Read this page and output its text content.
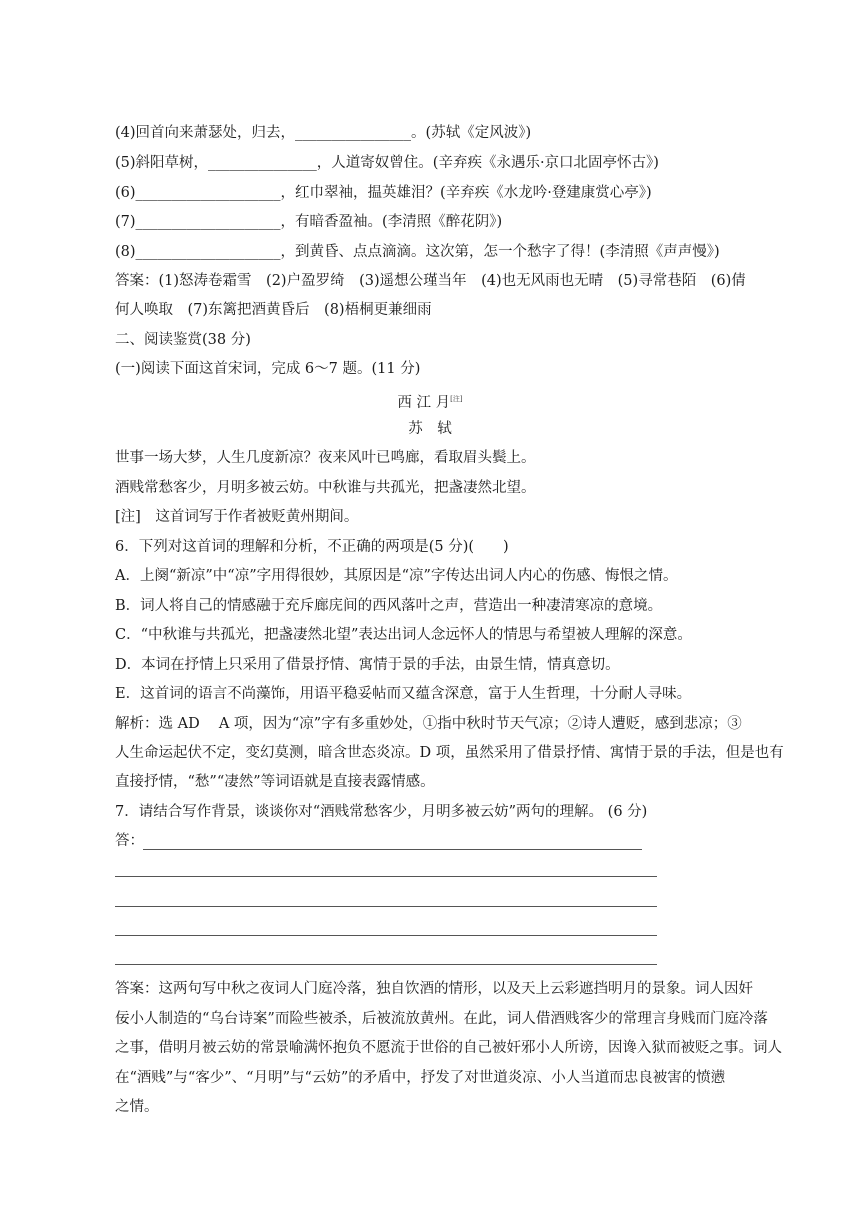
(4)回首向来萧瑟处，归去，________________。(苏轼《定风波》)
(5)斜阳草树，_______________，人道寄奴曾住。(辛弃疾《永遇乐·京口北固亭怀古》)
(6)____________________，红巾翠袖，揾英雄泪？(辛弃疾《水龙吟·登建康赏心亭》)
(7)____________________，有暗香盈袖。(李清照《醉花阴》)
(8)____________________，到黄昏、点点滴滴。这次第，怎一个愁字了得！(李清照《声声慢》)
答案：(1)怒涛卷霜雪　(2)户盈罗绮　(3)遥想公瑾当年　(4)也无风雨也无晴　(5)寻常巷陌　(6)倩
何人唤取　(7)东篱把酒黄昏后　(8)梧桐更兼细雨
二、阅读鉴赏(38 分)
(一)阅读下面这首宋词，完成 6～7 题。(11 分)
西 江 月[注]
苏　轼
世事一场大梦，人生几度新凉？夜来风叶已鸣廊，看取眉头鬓上。
酒贱常愁客少，月明多被云妨。中秋谁与共孤光，把盏凄然北望。
[注]　这首词写于作者被贬黄州期间。
6．下列对这首词的理解和分析，不正确的两项是(5 分)(　　)
A．上阕“新凉”中“凉”字用得很妙，其原因是“凉”字传达出词人内心的伤感、悔恨之情。
B．词人将自己的情感融于充斥廊庑间的西风落叶之声，营造出一种凄清寒凉的意境。
C．“中秋谁与共孤光，把盏凄然北望”表达出词人念远怀人的情思与希望被人理解的深意。
D．本词在抒情上只采用了借景抒情、寓情于景的手法，由景生情，情真意切。
E．这首词的语言不尚藻饰，用语平稳妥帖而又蕴含深意，富于人生哲理，十分耐人寻味。
解析：选 AD　 A 项，因为“凉”字有多重妙处，①指中秋时节天气凉；②诗人遭贬，感到悲凉；③
人生命运起伏不定，变幻莫测，暗含世态炎凉。D 项，虽然采用了借景抒情、寓情于景的手法，但是也有
直接抒情，“愁”“凄然”等词语就是直接表露情感。
7．请结合写作背景，谈谈你对“酒贱常愁客少，月明多被云妨”两句的理解。 (6 分)
答：
答案：这两句写中秋之夜词人门庭冷落，独自饮酒的情形，以及天上云彩遮挡明月的景象。词人因奸
佞小人制造的“乌台诗案”而险些被杀，后被流放黄州。在此，词人借酒贱客少的常理言身贱而门庭冷落
之事，借明月被云妨的常景喻满怀抱负不愿流于世俗的自己被奸邪小人所谤，因谗入狱而被贬之事。词人
在“酒贱”与“客少”、“月明”与“云妨”的矛盾中，抒发了对世道炎凉、小人当道而忠良被害的愤懑
之情。
